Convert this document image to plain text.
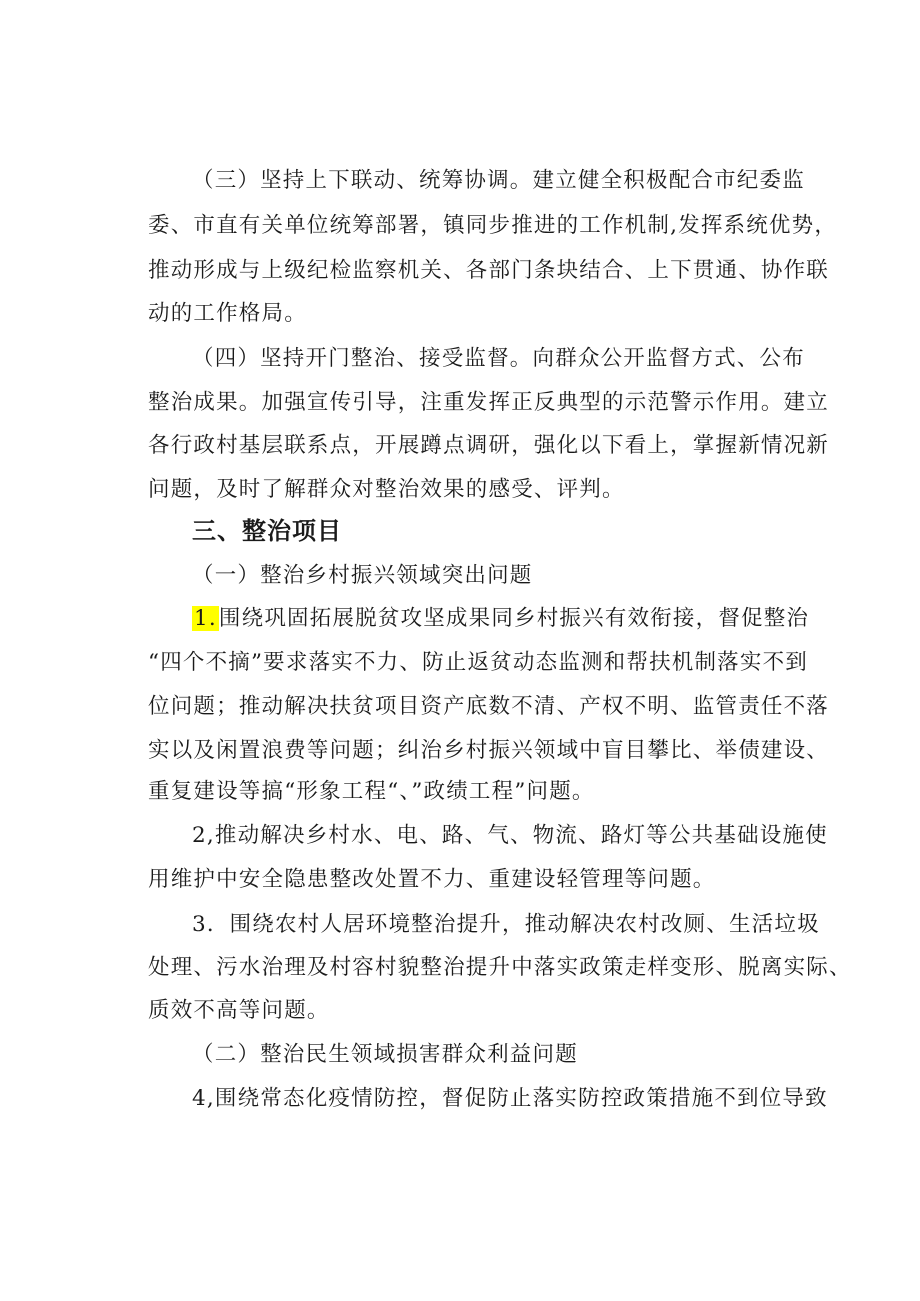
（三）坚持上下联动、统筹协调。建立健全积极配合市纪委监
委、市直有关单位统筹部署，镇同步推进的工作机制,发挥系统优势，
推动形成与上级纪检监察机关、各部门条块结合、上下贯通、协作联
动的工作格局。
（四）坚持开门整治、接受监督。向群众公开监督方式、公布
整治成果。加强宣传引导，注重发挥正反典型的示范警示作用。建立
各行政村基层联系点，开展蹲点调研，强化以下看上，掌握新情况新
问题，及时了解群众对整治效果的感受、评判。
三、整治项目
（一）整治乡村振兴领域突出问题
1.围绕巩固拓展脱贫攻坚成果同乡村振兴有效衔接，督促整治
“四个不摘”要求落实不力、防止返贫动态监测和帮扶机制落实不到
位问题；推动解决扶贫项目资产底数不清、产权不明、监管责任不落
实以及闲置浪费等问题；纠治乡村振兴领域中盲目攀比、举债建设、
重复建设等搞“形象工程“、”政绩工程”问题。
2,推动解决乡村水、电、路、气、物流、路灯等公共基础设施使
用维护中安全隐患整改处置不力、重建设轻管理等问题。
3．围绕农村人居环境整治提升，推动解决农村改厕、生活垃圾
处理、污水治理及村容村貌整治提升中落实政策走样变形、脱离实际、
质效不高等问题。
（二）整治民生领域损害群众利益问题
4,围绕常态化疫情防控，督促防止落实防控政策措施不到位导致
